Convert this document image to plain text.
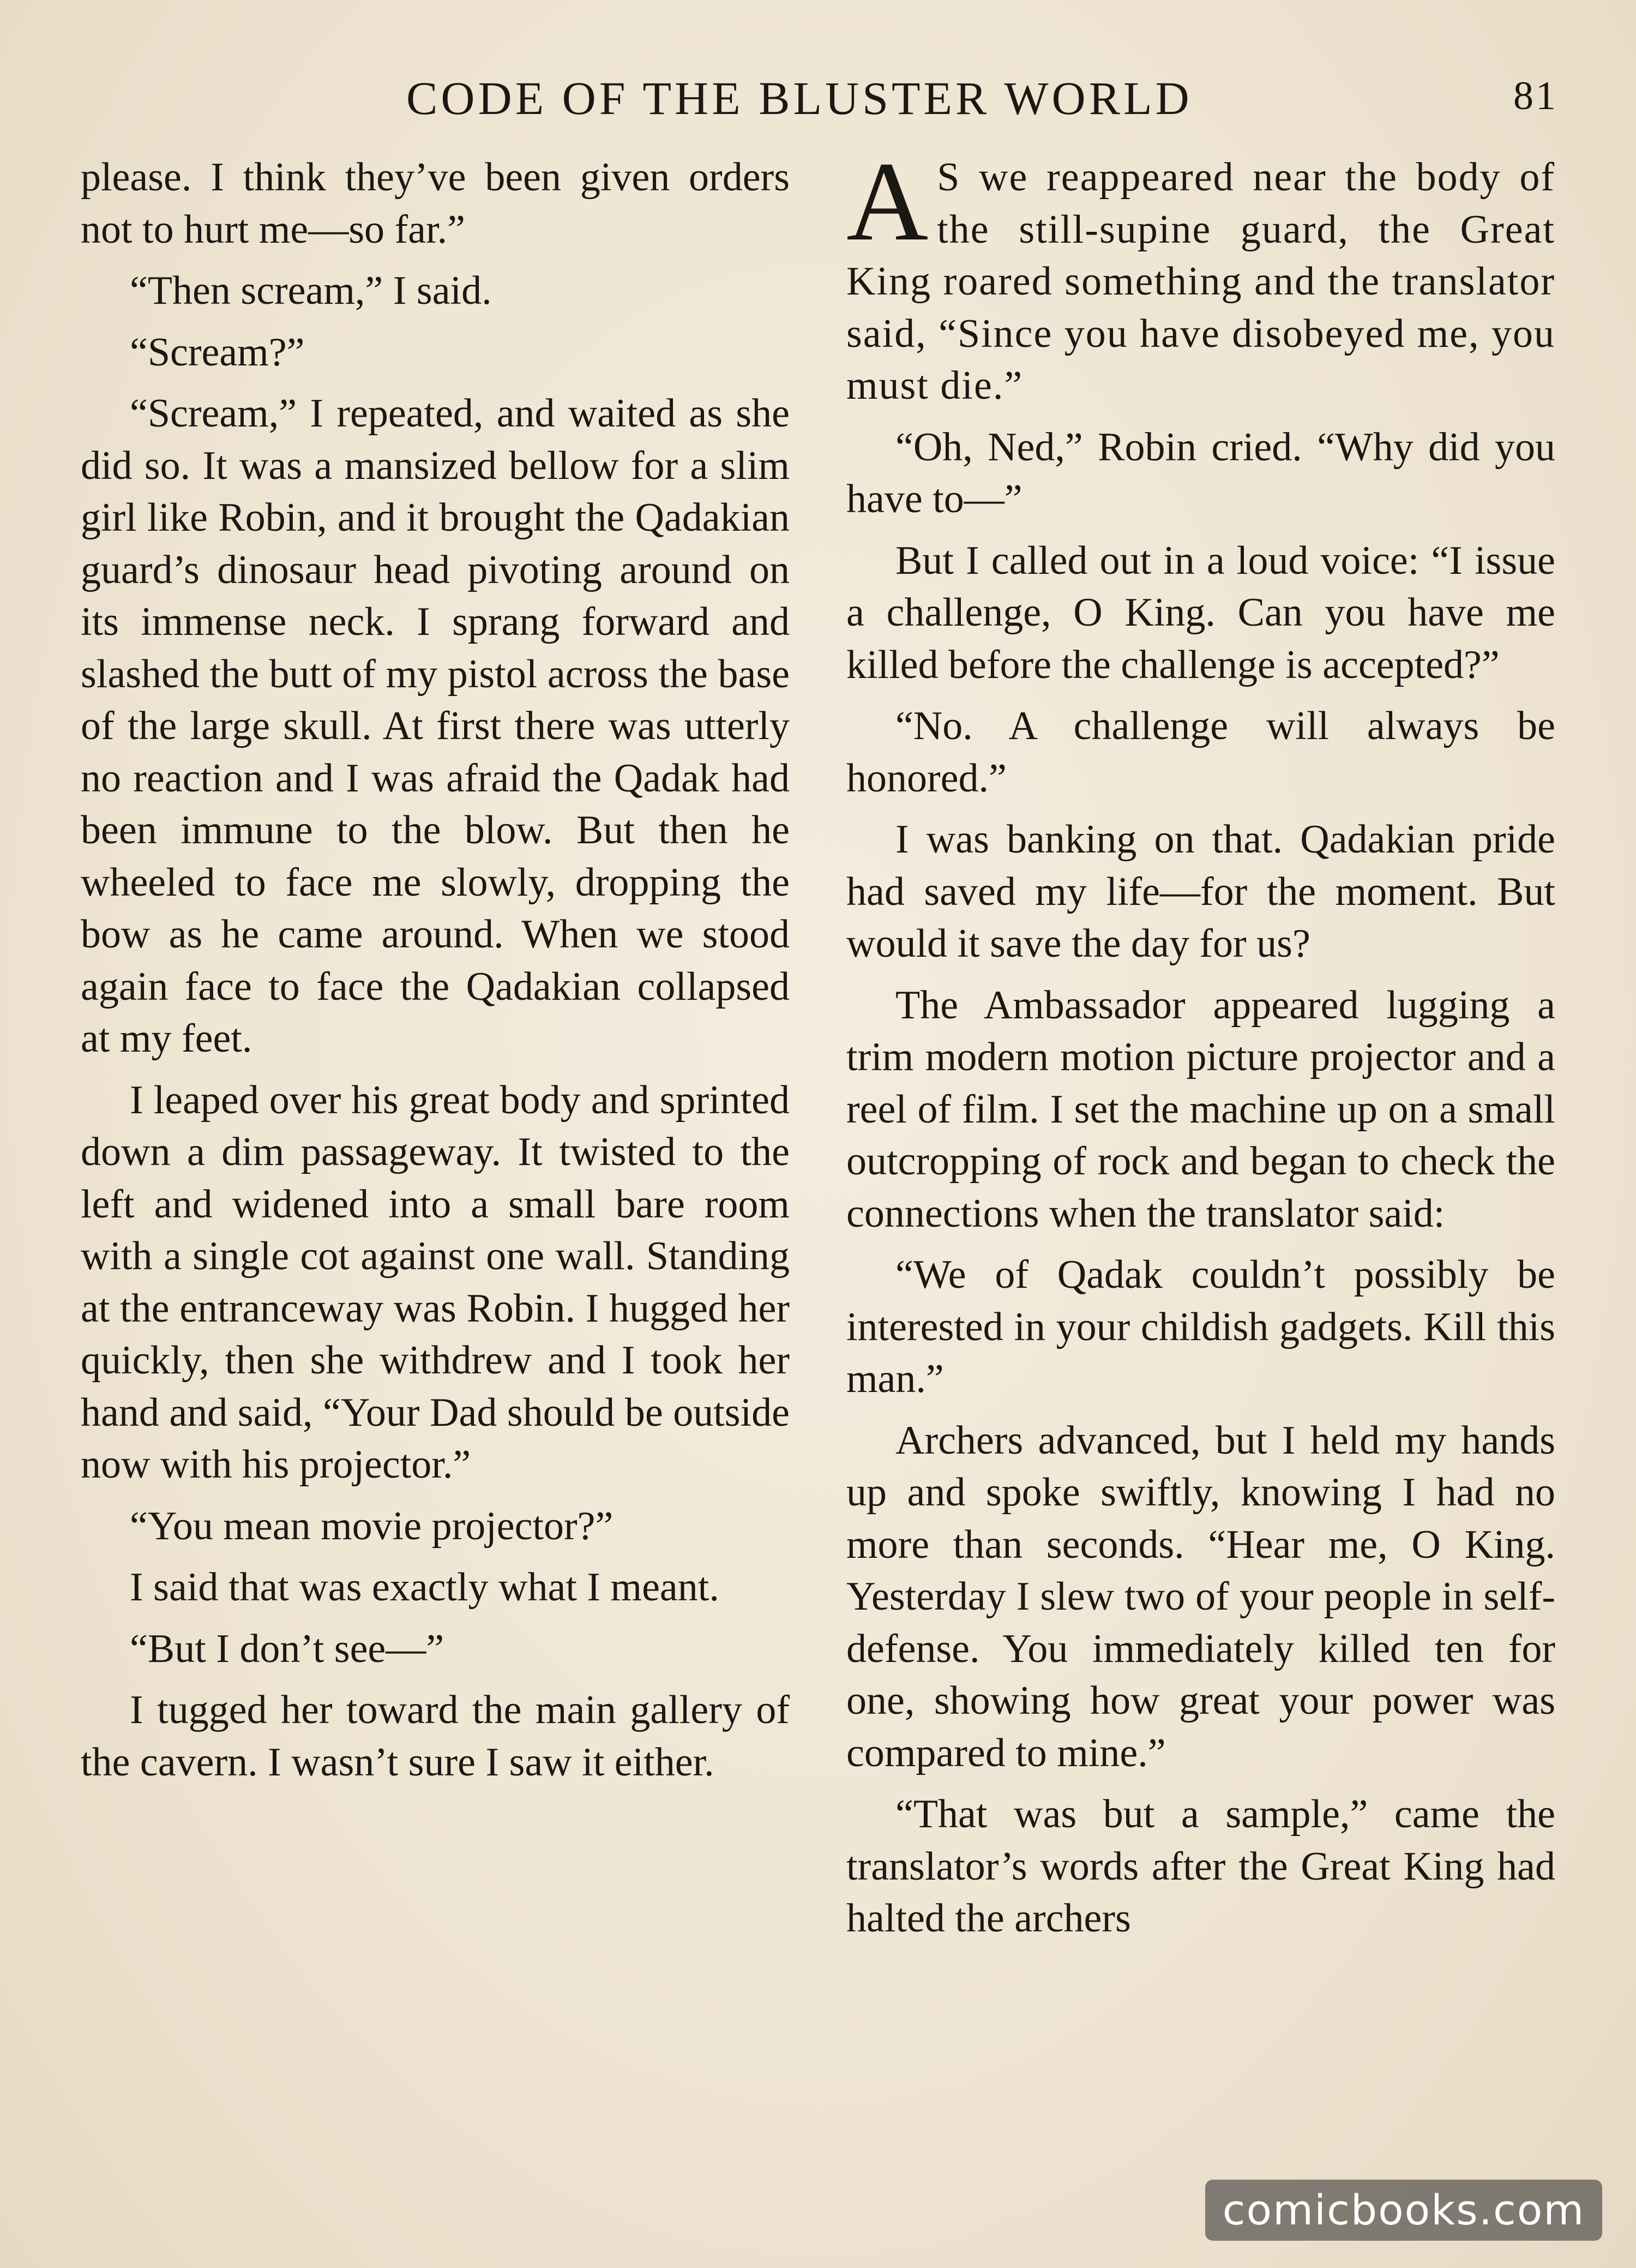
CODE OF THE BLUSTER WORLD	81

please. I think they’ve been given orders not to hurt me—so far.”

“Then scream,” I said.

“Scream?”

“Scream,” I repeated, and waited as she did so. It was a mansized bellow for a slim girl like Robin, and it brought the Qadakian guard’s dinosaur head pivoting around on its immense neck. I sprang forward and slashed the butt of my pistol across the base of the large skull. At first there was utterly no reaction and I was afraid the Qadak had been immune to the blow. But then he wheeled to face me slowly, dropping the bow as he came around. When we stood again face to face the Qadakian collapsed at my feet.

I leaped over his great body and sprinted down a dim passageway. It twisted to the left and widened into a small bare room with a single cot against one wall. Standing at the entranceway was Robin. I hugged her quickly, then she withdrew and I took her hand and said, “Your Dad should be outside now with his projector.”

“You mean movie projector?”

I said that was exactly what I meant.

“But I don’t see—”

I tugged her toward the main gallery of the cavern. I wasn’t sure I saw it either.

A S we reappeared near the body of the still-supine guard, the Great King roared something and the translator said, “Since you have disobeyed me, you must die.”

“Oh, Ned,” Robin cried. “Why did you have to—”

But I called out in a loud voice: “I issue a challenge, O King. Can you have me killed before the challenge is accepted?”

“No. A challenge will always be honored.”

I was banking on that. Qadakian pride had saved my life—for the moment. But would it save the day for us?

The Ambassador appeared lugging a trim modern motion picture projector and a reel of film. I set the machine up on a small outcropping of rock and began to check the connections when the translator said:

“We of Qadak couldn’t possibly be interested in your childish gadgets. Kill this man.”

Archers advanced, but I held my hands up and spoke swiftly, knowing I had no more than seconds. “Hear me, O King. Yesterday I slew two of your people in self-defense. You immediately killed ten for one, showing how great your power was compared to mine.”

“That was but a sample,” came the translator’s words after the Great King had halted the archers

comicbooks.com
